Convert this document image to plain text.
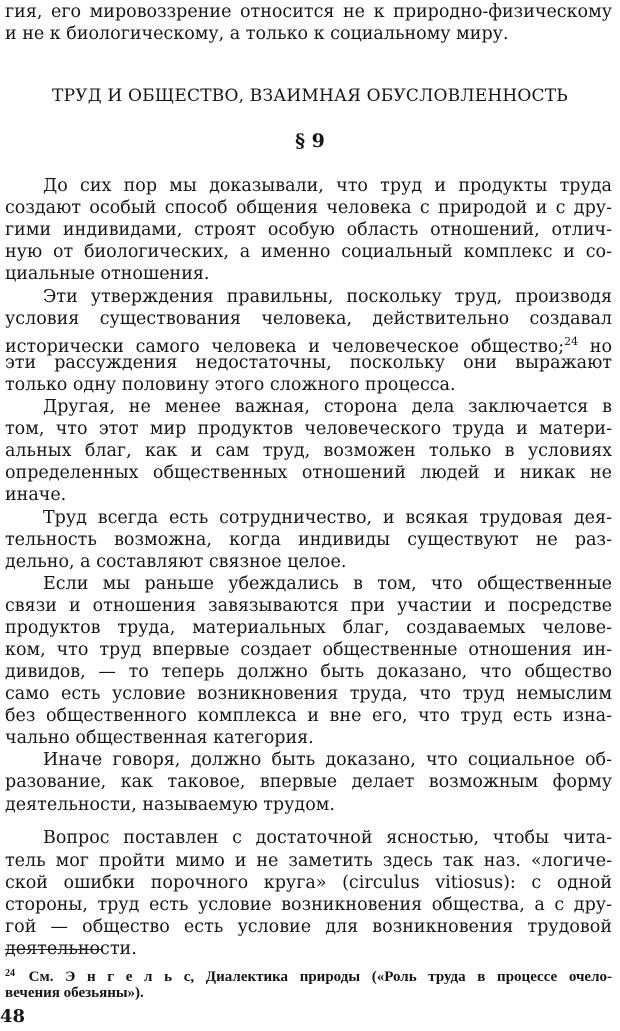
гия, его мировоззрение относится не к природно-физическому

и не к биологическому, а только к социальному миру.

ТРУД И ОБЩЕСТВО, ВЗАИМНАЯ ОБУСЛОВЛЕННОСТЬ

§ 9

До сих пор мы доказывали, что труд и продукты труда

создают особый способ общения человека с природой и с дру-

гими индивидами, строят особую область отношений, отлич-

ную от биологических, а именно социальный комплекс и со-

циальные отношения.

Эти утверждения правильны, поскольку труд, производя

условия существования человека, действительно создавал

исторически самого человека и человеческое общество;$^{24}$ но

эти рассуждения недостаточны, поскольку они выражают

только одну половину этого сложного процесса.

Другая, не менее важная, сторона дела заключается в

том, что этот мир продуктов человеческого труда и матери-

альных благ, как и сам труд, возможен только в условиях

определенных общественных отношений людей и никак не

иначе.

Труд всегда есть сотрудничество, и всякая трудовая дея-

тельность возможна, когда индивиды существуют не раз-

дельно, а составляют связное целое.

Если мы раньше убеждались в том, что общественные

связи и отношения завязываются при участии и посредстве

продуктов труда, материальных благ, создаваемых челове-

ком, что труд впервые создает общественные отношения ин-

дивидов, — то теперь должно быть доказано, что общество

само есть условие возникновения труда, что труд немыслим

без общественного комплекса и вне его, что труд есть изна-

чально общественная категория.

Иначе говоря, должно быть доказано, что социальное об-

разование, как таковое, впервые делает возможным форму

деятельности, называемую трудом.

Вопрос поставлен с достаточной ясностью, чтобы чита-

тель мог пройти мимо и не заметить здесь так наз. «логиче-

ской ошибки порочного круга» (circulus vitiosus): с одной

стороны, труд есть условие возникновения общества, а с дру-

гой — общество есть условие для возникновения трудовой

деятельности.

$^{24}$ См. Э н г е л ь с, Диалектика природы («Роль труда в процессе очело-

вечения обезьяны»).

48
